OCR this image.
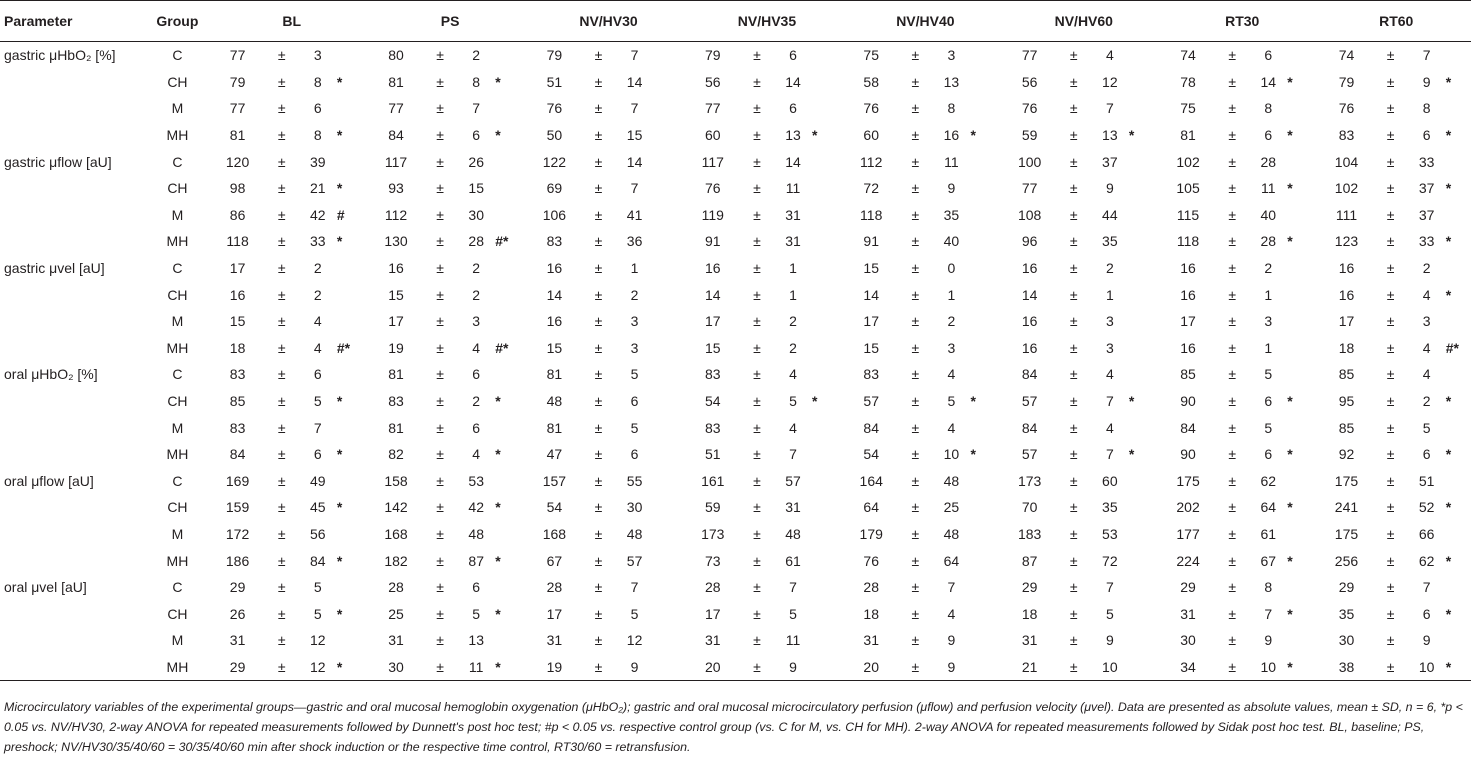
Parameter	Group	BL				PS				NV/HV30				NV/HV35				NV/HV40				NV/HV60				RT30				RT60			
gastric μHbO₂ [%]	C	77	±	3		80	±	2		79	±	7		79	±	6		75	±	3		77	±	4		74	±	6		74	±	7	
	CH	79	±	8	*	81	±	8	*	51	±	14		56	±	14		58	±	13		56	±	12		78	±	14	*	79	±	9	*
	M	77	±	6		77	±	7		76	±	7		77	±	6		76	±	8		76	±	7		75	±	8		76	±	8	
	MH	81	±	8	*	84	±	6	*	50	±	15		60	±	13	*	60	±	16	*	59	±	13	*	81	±	6	*	83	±	6	*
gastric μflow [aU]	C	120	±	39		117	±	26		122	±	14		117	±	14		112	±	11		100	±	37		102	±	28		104	±	33	
	CH	98	±	21	*	93	±	15		69	±	7		76	±	11		72	±	9		77	±	9		105	±	11	*	102	±	37	*
	M	86	±	42	#	112	±	30		106	±	41		119	±	31		118	±	35		108	±	44		115	±	40		111	±	37	
	MH	118	±	33	*	130	±	28	#*	83	±	36		91	±	31		91	±	40		96	±	35		118	±	28	*	123	±	33	*
gastric μvel [aU]	C	17	±	2		16	±	2		16	±	1		16	±	1		15	±	0		16	±	2		16	±	2		16	±	2	
	CH	16	±	2		15	±	2		14	±	2		14	±	1		14	±	1		14	±	1		16	±	1		16	±	4	*
	M	15	±	4		17	±	3		16	±	3		17	±	2		17	±	2		16	±	3		17	±	3		17	±	3	
	MH	18	±	4	#*	19	±	4	#*	15	±	3		15	±	2		15	±	3		16	±	3		16	±	1		18	±	4	#*
oral μHbO₂ [%]	C	83	±	6		81	±	6		81	±	5		83	±	4		83	±	4		84	±	4		85	±	5		85	±	4	
	CH	85	±	5	*	83	±	2	*	48	±	6		54	±	5	*	57	±	5	*	57	±	7	*	90	±	6	*	95	±	2	*
	M	83	±	7		81	±	6		81	±	5		83	±	4		84	±	4		84	±	4		84	±	5		85	±	5	
	MH	84	±	6	*	82	±	4	*	47	±	6		51	±	7		54	±	10	*	57	±	7	*	90	±	6	*	92	±	6	*
oral μflow [aU]	C	169	±	49		158	±	53		157	±	55		161	±	57		164	±	48		173	±	60		175	±	62		175	±	51	
	CH	159	±	45	*	142	±	42	*	54	±	30		59	±	31		64	±	25		70	±	35		202	±	64	*	241	±	52	*
	M	172	±	56		168	±	48		168	±	48		173	±	48		179	±	48		183	±	53		177	±	61		175	±	66	
	MH	186	±	84	*	182	±	87	*	67	±	57		73	±	61		76	±	64		87	±	72		224	±	67	*	256	±	62	*
oral μvel [aU]	C	29	±	5		28	±	6		28	±	7		28	±	7		28	±	7		29	±	7		29	±	8		29	±	7	
	CH	26	±	5	*	25	±	5	*	17	±	5		17	±	5		18	±	4		18	±	5		31	±	7	*	35	±	6	*
	M	31	±	12		31	±	13		31	±	12		31	±	11		31	±	9		31	±	9		30	±	9		30	±	9	
	MH	29	±	12	*	30	±	11	*	19	±	9		20	±	9		20	±	9		21	±	10		34	±	10	*	38	±	10	*
Microcirculatory variables of the experimental groups—gastric and oral mucosal hemoglobin oxygenation (μHbO₂); gastric and oral mucosal microcirculatory perfusion (μflow) and perfusion velocity (μvel). Data are presented as absolute values, mean ± SD, n = 6, *p < 0.05 vs. NV/HV30, 2-way ANOVA for repeated measurements followed by Dunnett's post hoc test; #p < 0.05 vs. respective control group (vs. C for M, vs. CH for MH). 2-way ANOVA for repeated measurements followed by Sidak post hoc test. BL, baseline; PS, preshock; NV/HV30/35/40/60 = 30/35/40/60 min after shock induction or the respective time control, RT30/60 = retransfusion.
